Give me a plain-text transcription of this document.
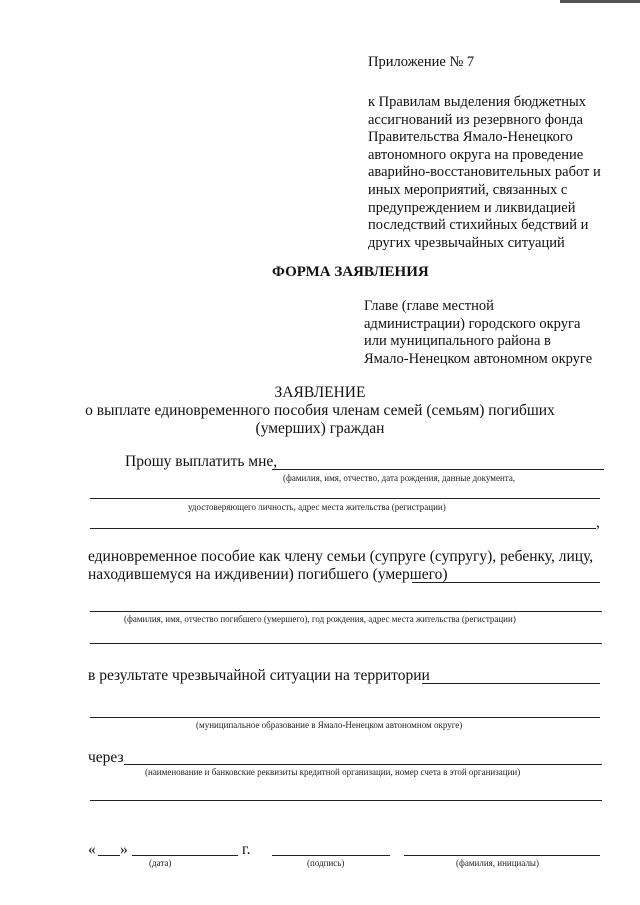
Приложение № 7
к Правилам выделения бюджетных
ассигнований из резервного фонда
Правительства Ямало-Ненецкого
автономного округа на проведение
аварийно-восстановительных работ и
иных мероприятий, связанных с
предупреждением и ликвидацией
последствий стихийных бедствий и
других чрезвычайных ситуаций
ФОРМА ЗАЯВЛЕНИЯ
Главе (главе местной
администрации) городского округа
или муниципального района в
Ямало-Ненецком автономном округе
ЗАЯВЛЕНИЕ
о выплате единовременного пособия членам семей (семьям) погибших
(умерших) граждан
Прошу выплатить мне,
(фамилия, имя, отчество, дата рождения, данные документа,
удостоверяющего личность, адрес места жительства (регистрации)
,
единовременное пособие как члену семьи (супруге (супругу), ребенку, лицу,
находившемуся на иждивении) погибшего (умершего)
(фамилия, имя, отчество погибшего (умершего), год рождения, адрес места жительства (регистрации)
в результате чрезвычайной ситуации на территории
(муниципальное образование в Ямало-Ненецком автономном округе)
через
(наименование и банковские реквизиты кредитной организации, номер счета в этой организации)
« »	г.
(дата)	(подпись)	(фамилия, инициалы)
